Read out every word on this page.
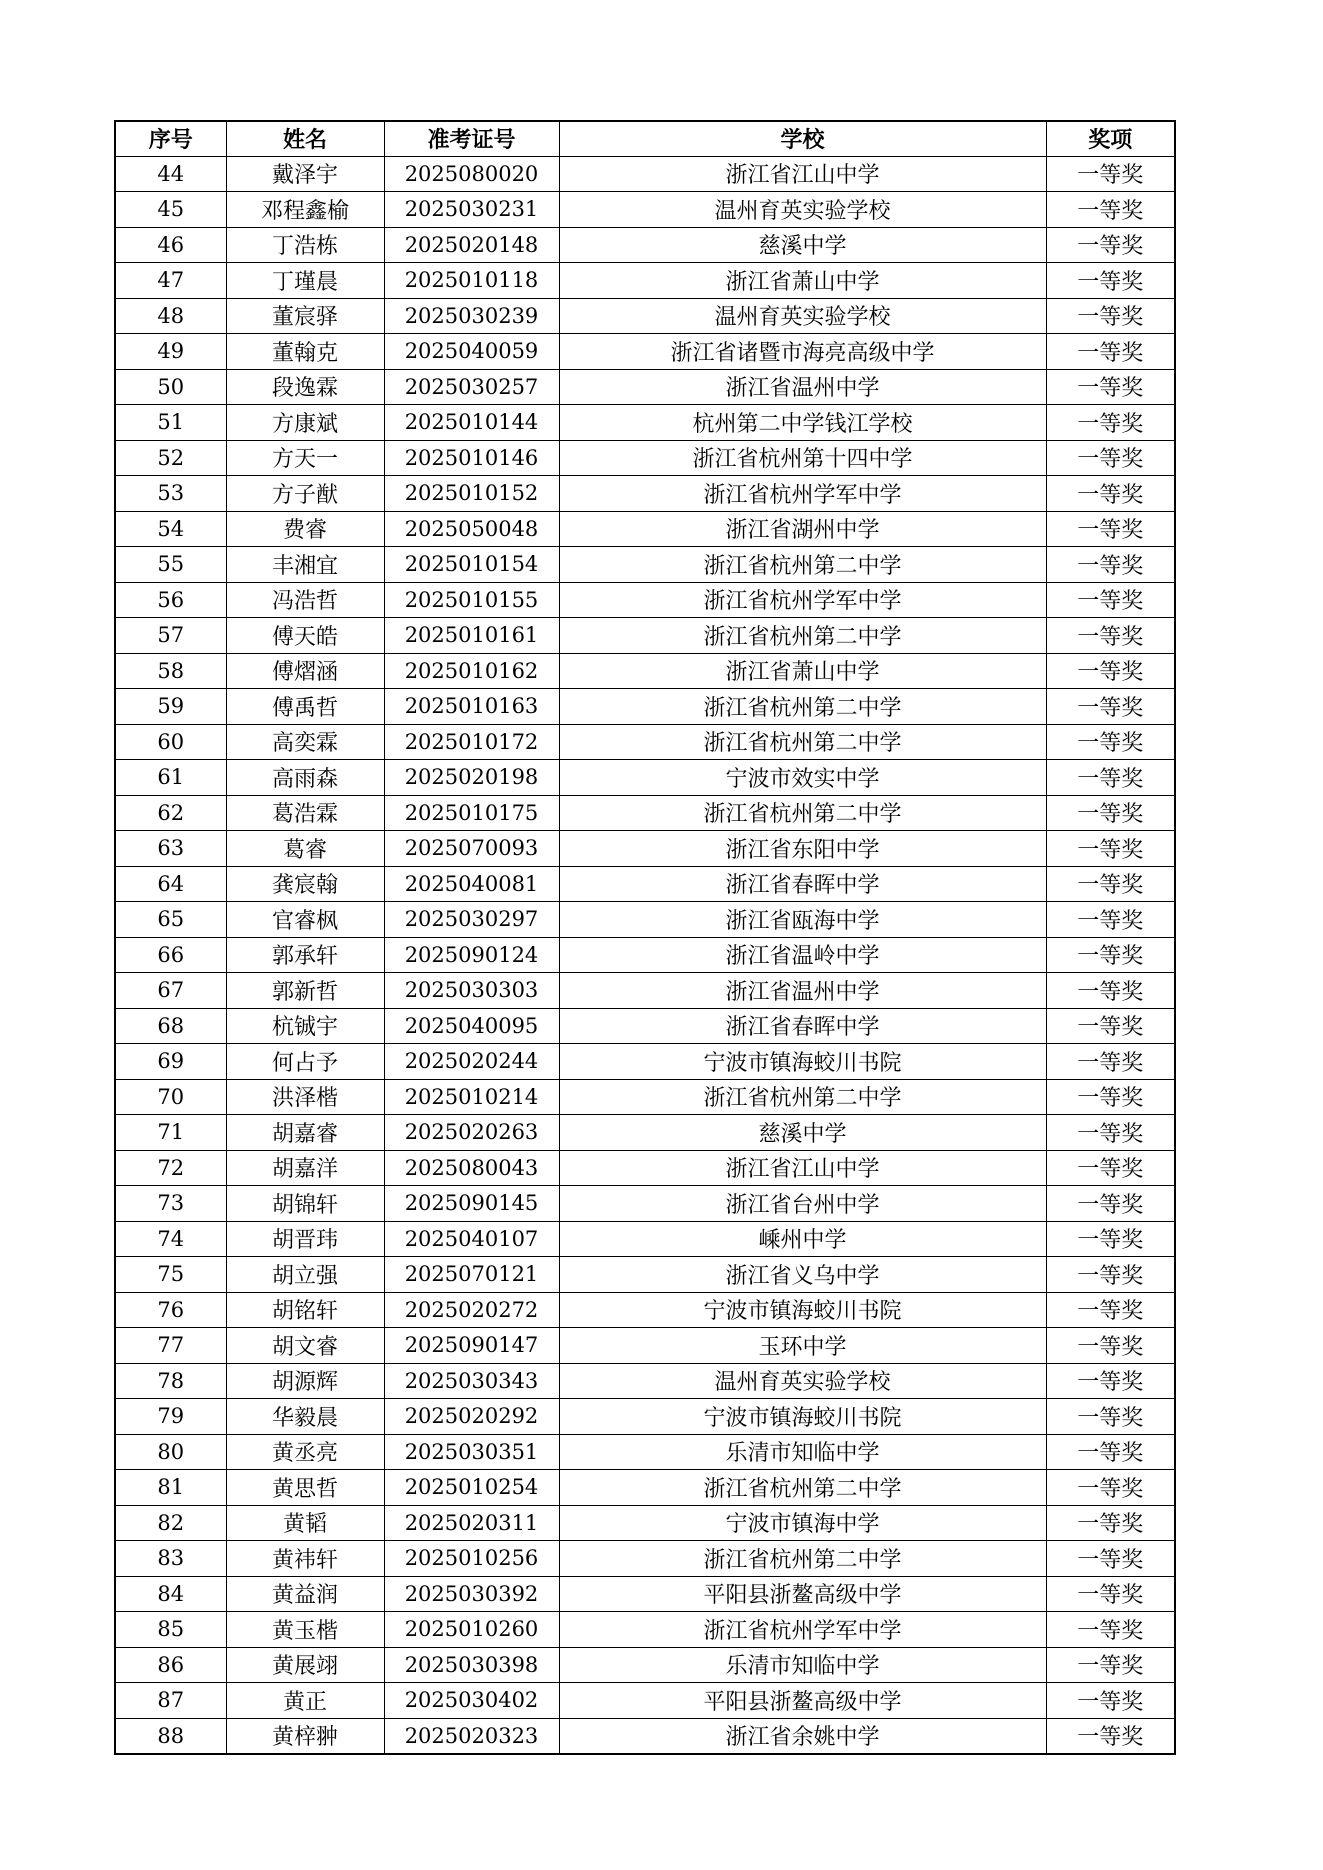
序号	姓名	准考证号	学校	奖项
44	戴泽宇	2025080020	浙江省江山中学	一等奖
45	邓程鑫榆	2025030231	温州育英实验学校	一等奖
46	丁浩栋	2025020148	慈溪中学	一等奖
47	丁瑾晨	2025010118	浙江省萧山中学	一等奖
48	董宸驿	2025030239	温州育英实验学校	一等奖
49	董翰克	2025040059	浙江省诸暨市海亮高级中学	一等奖
50	段逸霖	2025030257	浙江省温州中学	一等奖
51	方康斌	2025010144	杭州第二中学钱江学校	一等奖
52	方天一	2025010146	浙江省杭州第十四中学	一等奖
53	方子猷	2025010152	浙江省杭州学军中学	一等奖
54	费睿	2025050048	浙江省湖州中学	一等奖
55	丰湘宜	2025010154	浙江省杭州第二中学	一等奖
56	冯浩哲	2025010155	浙江省杭州学军中学	一等奖
57	傅天皓	2025010161	浙江省杭州第二中学	一等奖
58	傅熠涵	2025010162	浙江省萧山中学	一等奖
59	傅禹哲	2025010163	浙江省杭州第二中学	一等奖
60	高奕霖	2025010172	浙江省杭州第二中学	一等奖
61	高雨森	2025020198	宁波市效实中学	一等奖
62	葛浩霖	2025010175	浙江省杭州第二中学	一等奖
63	葛睿	2025070093	浙江省东阳中学	一等奖
64	龚宸翰	2025040081	浙江省春晖中学	一等奖
65	官睿枫	2025030297	浙江省瓯海中学	一等奖
66	郭承轩	2025090124	浙江省温岭中学	一等奖
67	郭新哲	2025030303	浙江省温州中学	一等奖
68	杭铖宇	2025040095	浙江省春晖中学	一等奖
69	何占予	2025020244	宁波市镇海蛟川书院	一等奖
70	洪泽楷	2025010214	浙江省杭州第二中学	一等奖
71	胡嘉睿	2025020263	慈溪中学	一等奖
72	胡嘉洋	2025080043	浙江省江山中学	一等奖
73	胡锦轩	2025090145	浙江省台州中学	一等奖
74	胡晋玮	2025040107	嵊州中学	一等奖
75	胡立强	2025070121	浙江省义乌中学	一等奖
76	胡铭轩	2025020272	宁波市镇海蛟川书院	一等奖
77	胡文睿	2025090147	玉环中学	一等奖
78	胡源辉	2025030343	温州育英实验学校	一等奖
79	华毅晨	2025020292	宁波市镇海蛟川书院	一等奖
80	黄丞亮	2025030351	乐清市知临中学	一等奖
81	黄思哲	2025010254	浙江省杭州第二中学	一等奖
82	黄韬	2025020311	宁波市镇海中学	一等奖
83	黄祎轩	2025010256	浙江省杭州第二中学	一等奖
84	黄益润	2025030392	平阳县浙鳌高级中学	一等奖
85	黄玉楷	2025010260	浙江省杭州学军中学	一等奖
86	黄展翊	2025030398	乐清市知临中学	一等奖
87	黄正	2025030402	平阳县浙鳌高级中学	一等奖
88	黄梓翀	2025020323	浙江省余姚中学	一等奖
